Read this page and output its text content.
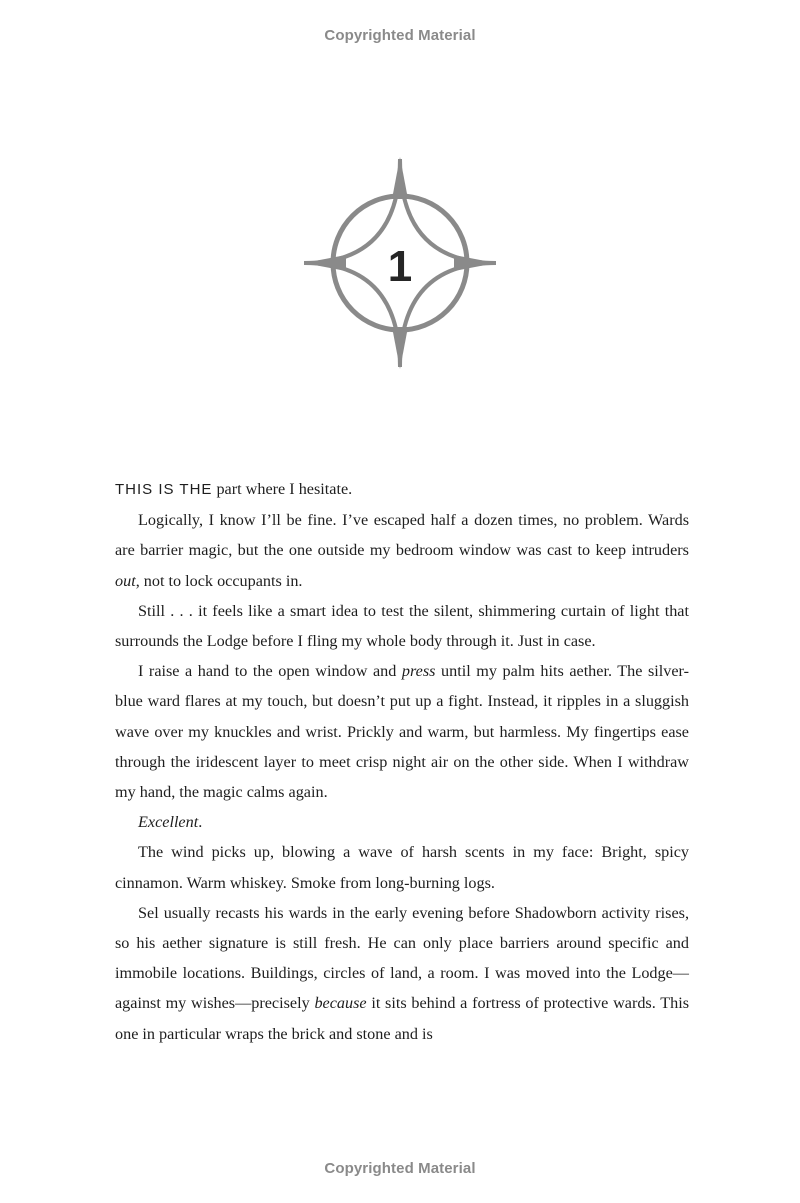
Copyrighted Material
1

THIS IS THE part where I hesitate.

Logically, I know I’ll be fine. I’ve escaped half a dozen times, no problem. Wards are barrier magic, but the one outside my bedroom window was cast to keep intruders out, not to lock occupants in.

Still . . . it feels like a smart idea to test the silent, shimmering curtain of light that surrounds the Lodge before I fling my whole body through it. Just in case.

I raise a hand to the open window and press until my palm hits aether. The silver-blue ward flares at my touch, but doesn’t put up a fight. Instead, it ripples in a sluggish wave over my knuckles and wrist. Prickly and warm, but harmless. My fingertips ease through the iridescent layer to meet crisp night air on the other side. When I withdraw my hand, the magic calms again.

Excellent.

The wind picks up, blowing a wave of harsh scents in my face: Bright, spicy cinnamon. Warm whiskey. Smoke from long-burning logs.

Sel usually recasts his wards in the early evening before Shadowborn activity rises, so his aether signature is still fresh. He can only place barriers around specific and immobile locations. Buildings, circles of land, a room. I was moved into the Lodge—against my wishes—precisely because it sits behind a fortress of protective wards. This one in particular wraps the brick and stone and is

Copyrighted Material
